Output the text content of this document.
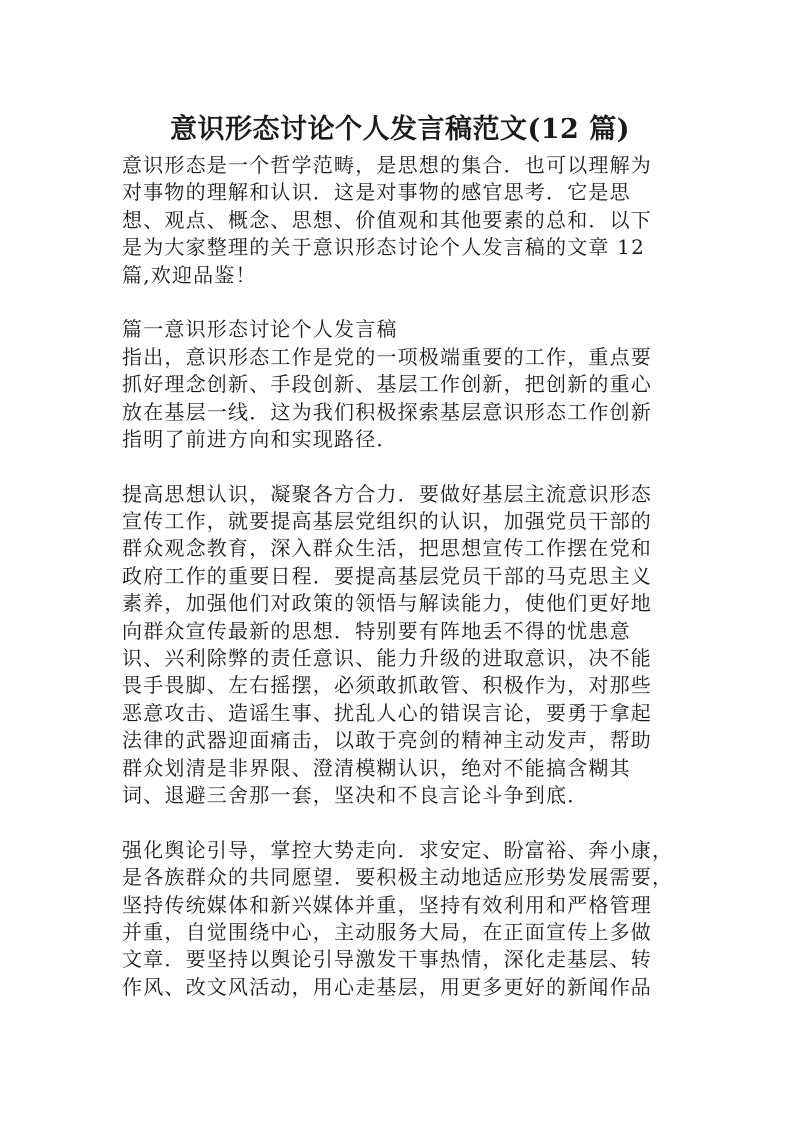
意识形态讨论个人发言稿范文(12 篇)
意识形态是一个哲学范畴，是思想的集合．也可以理解为
对事物的理解和认识．这是对事物的感官思考．它是思
想、观点、概念、思想、价值观和其他要素的总和．以下
是为大家整理的关于意识形态讨论个人发言稿的文章 12
篇,欢迎品鉴！
篇一意识形态讨论个人发言稿
指出，意识形态工作是党的一项极端重要的工作，重点要
抓好理念创新、手段创新、基层工作创新，把创新的重心
放在基层一线．这为我们积极探索基层意识形态工作创新
指明了前进方向和实现路径．
提高思想认识，凝聚各方合力．要做好基层主流意识形态
宣传工作，就要提高基层党组织的认识，加强党员干部的
群众观念教育，深入群众生活，把思想宣传工作摆在党和
政府工作的重要日程．要提高基层党员干部的马克思主义
素养，加强他们对政策的领悟与解读能力，使他们更好地
向群众宣传最新的思想．特别要有阵地丢不得的忧患意
识、兴利除弊的责任意识、能力升级的进取意识，决不能
畏手畏脚、左右摇摆，必须敢抓敢管、积极作为，对那些
恶意攻击、造谣生事、扰乱人心的错误言论，要勇于拿起
法律的武器迎面痛击，以敢于亮剑的精神主动发声，帮助
群众划清是非界限、澄清模糊认识，绝对不能搞含糊其
词、退避三舍那一套，坚决和不良言论斗争到底．
强化舆论引导，掌控大势走向．求安定、盼富裕、奔小康，
是各族群众的共同愿望．要积极主动地适应形势发展需要，
坚持传统媒体和新兴媒体并重，坚持有效利用和严格管理
并重，自觉围绕中心，主动服务大局，在正面宣传上多做
文章．要坚持以舆论引导激发干事热情，深化走基层、转
作风、改文风活动，用心走基层，用更多更好的新闻作品
